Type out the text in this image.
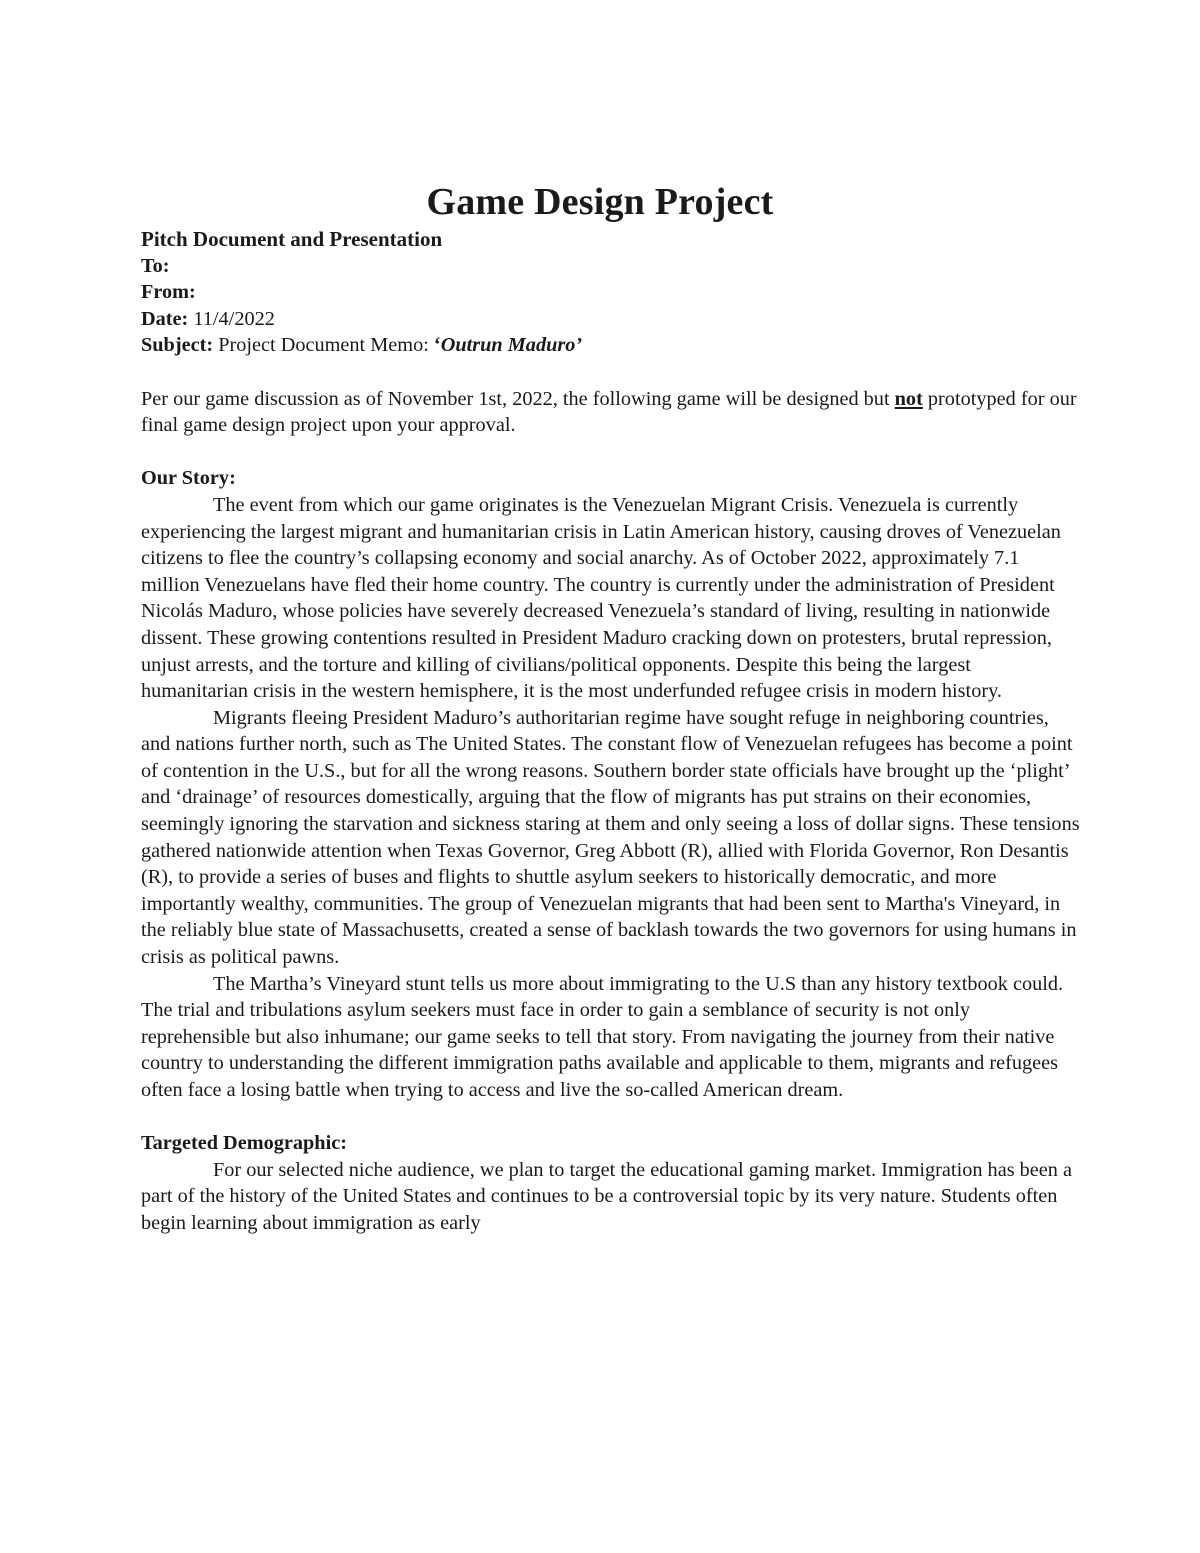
Game Design Project

Pitch Document and Presentation

To:

From:

Date: 11/4/2022

Subject: Project Document Memo: ‘Outrun Maduro’

Per our game discussion as of November 1st, 2022, the following game will be designed but not prototyped for our final game design project upon your approval.

Our Story:

The event from which our game originates is the Venezuelan Migrant Crisis. Venezuela is currently experiencing the largest migrant and humanitarian crisis in Latin American history, causing droves of Venezuelan citizens to flee the country’s collapsing economy and social anarchy. As of October 2022, approximately 7.1 million Venezuelans have fled their home country. The country is currently under the administration of President Nicolás Maduro, whose policies have severely decreased Venezuela’s standard of living, resulting in nationwide dissent. These growing contentions resulted in President Maduro cracking down on protesters, brutal repression, unjust arrests, and the torture and killing of civilians/political opponents. Despite this being the largest humanitarian crisis in the western hemisphere, it is the most underfunded refugee crisis in modern history.

Migrants fleeing President Maduro’s authoritarian regime have sought refuge in neighboring countries, and nations further north, such as The United States. The constant flow of Venezuelan refugees has become a point of contention in the U.S., but for all the wrong reasons. Southern border state officials have brought up the ‘plight’ and ‘drainage’ of resources domestically, arguing that the flow of migrants has put strains on their economies, seemingly ignoring the starvation and sickness staring at them and only seeing a loss of dollar signs. These tensions gathered nationwide attention when Texas Governor, Greg Abbott (R), allied with Florida Governor, Ron Desantis (R), to provide a series of buses and flights to shuttle asylum seekers to historically democratic, and more importantly wealthy, communities. The group of Venezuelan migrants that had been sent to Martha's Vineyard, in the reliably blue state of Massachusetts, created a sense of backlash towards the two governors for using humans in crisis as political pawns.

The Martha’s Vineyard stunt tells us more about immigrating to the U.S than any history textbook could. The trial and tribulations asylum seekers must face in order to gain a semblance of security is not only reprehensible but also inhumane; our game seeks to tell that story. From navigating the journey from their native country to understanding the different immigration paths available and applicable to them, migrants and refugees often face a losing battle when trying to access and live the so-called American dream.

Targeted Demographic:

For our selected niche audience, we plan to target the educational gaming market. Immigration has been a part of the history of the United States and continues to be a controversial topic by its very nature. Students often begin learning about immigration as early
